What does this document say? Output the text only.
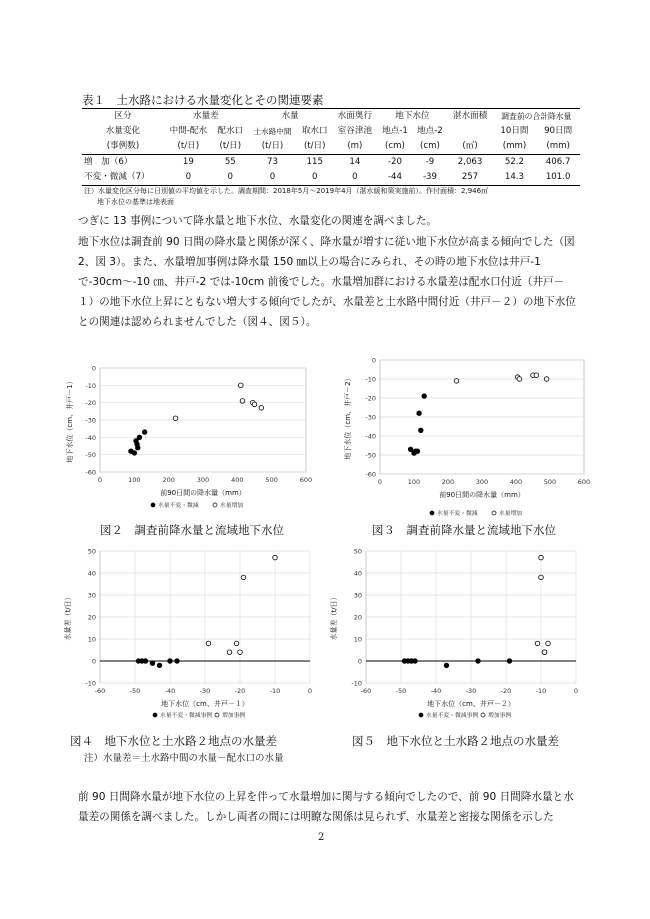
表１　土水路における水量変化とその関連要素
区分	水量差		水量		水面奥行	地下水位		湛水面積	調査前の合計降水量	
水量変化	中間-配水	配水口	土水路中間	取水口	室谷津池	地点-1	地点-2		10日間	90日間
(事例数)	(t/日)	(t/日)	(t/日)	(t/日)	(m)	(cm)	(cm)	(㎡)	(mm)	(mm)
増　加（6）	19	55	73	115	14	-20	-9	2,063	52.2	406.7
不変・微減（7）	0	0	0	0	0	-44	-39	257	14.3	101.0
注）水量変化区分毎に日別値の平均値を示した。調査期間：2018年5月～2019年4月（湛水緩和策実施前）。作付面積：2,946㎡
地下水位の基準は地表面
つぎに 13 事例について降水量と地下水位、水量変化の関連を調べました。
地下水位は調査前 90 日間の降水量と関係が深く、降水量が増すに従い地下水位が高まる傾向でした（図 2、図 3）。また、水量増加事例は降水量 150 ㎜以上の場合にみられ、その時の地下水位は井戸-1 で-30cm～-10 ㎝、井戸-2 では-10cm 前後でした。水量増加群における水量差は配水口付近（井戸－１）の地下水位上昇にともない増大する傾向でしたが、水量差と土水路中間付近（井戸－２）の地下水位との関連は認められませんでした（図４、図５）。
0
-10
-20
-30
-40
-50
-60
0	100	200	300	400	500	600
前90日間の降水量（mm）
地下水位（cm、井戸－1）
水量不変・微減	水量増加
図２　調査前降水量と流域地下水位
0
-10
-20
-30
-40
-50
-60
0	100	200	300	400	500	600
前90日間の降水量（mm）
地下水位（cm、井戸－2）
水量不変・微減	水量増加
図３　調査前降水量と流域地下水位
-10
0
10
20
30
40
50
-60	-50	-40	-30	-20	-10	0
地下水位（cm、井戸－１）
水量差（t/日）
水量不変・微減事例 増加事例
図４　地下水位と土水路２地点の水量差
注）水量差＝土水路中間の水量－配水口の水量
-10
0
10
20
30
40
50
-60	-50	-40	-30	-20	-10	0
地下水位（cm、井戸－２）
水量差（t/日）
水量不変・微減事例 増加事例
図５　地下水位と土水路２地点の水量差
前 90 日間降水量が地下水位の上昇を伴って水量増加に関与する傾向でしたので、前 90 日間降水量と水量差の関係を調べました。しかし両者の間には明瞭な関係は見られず、水量差と密接な関係を示した
2
